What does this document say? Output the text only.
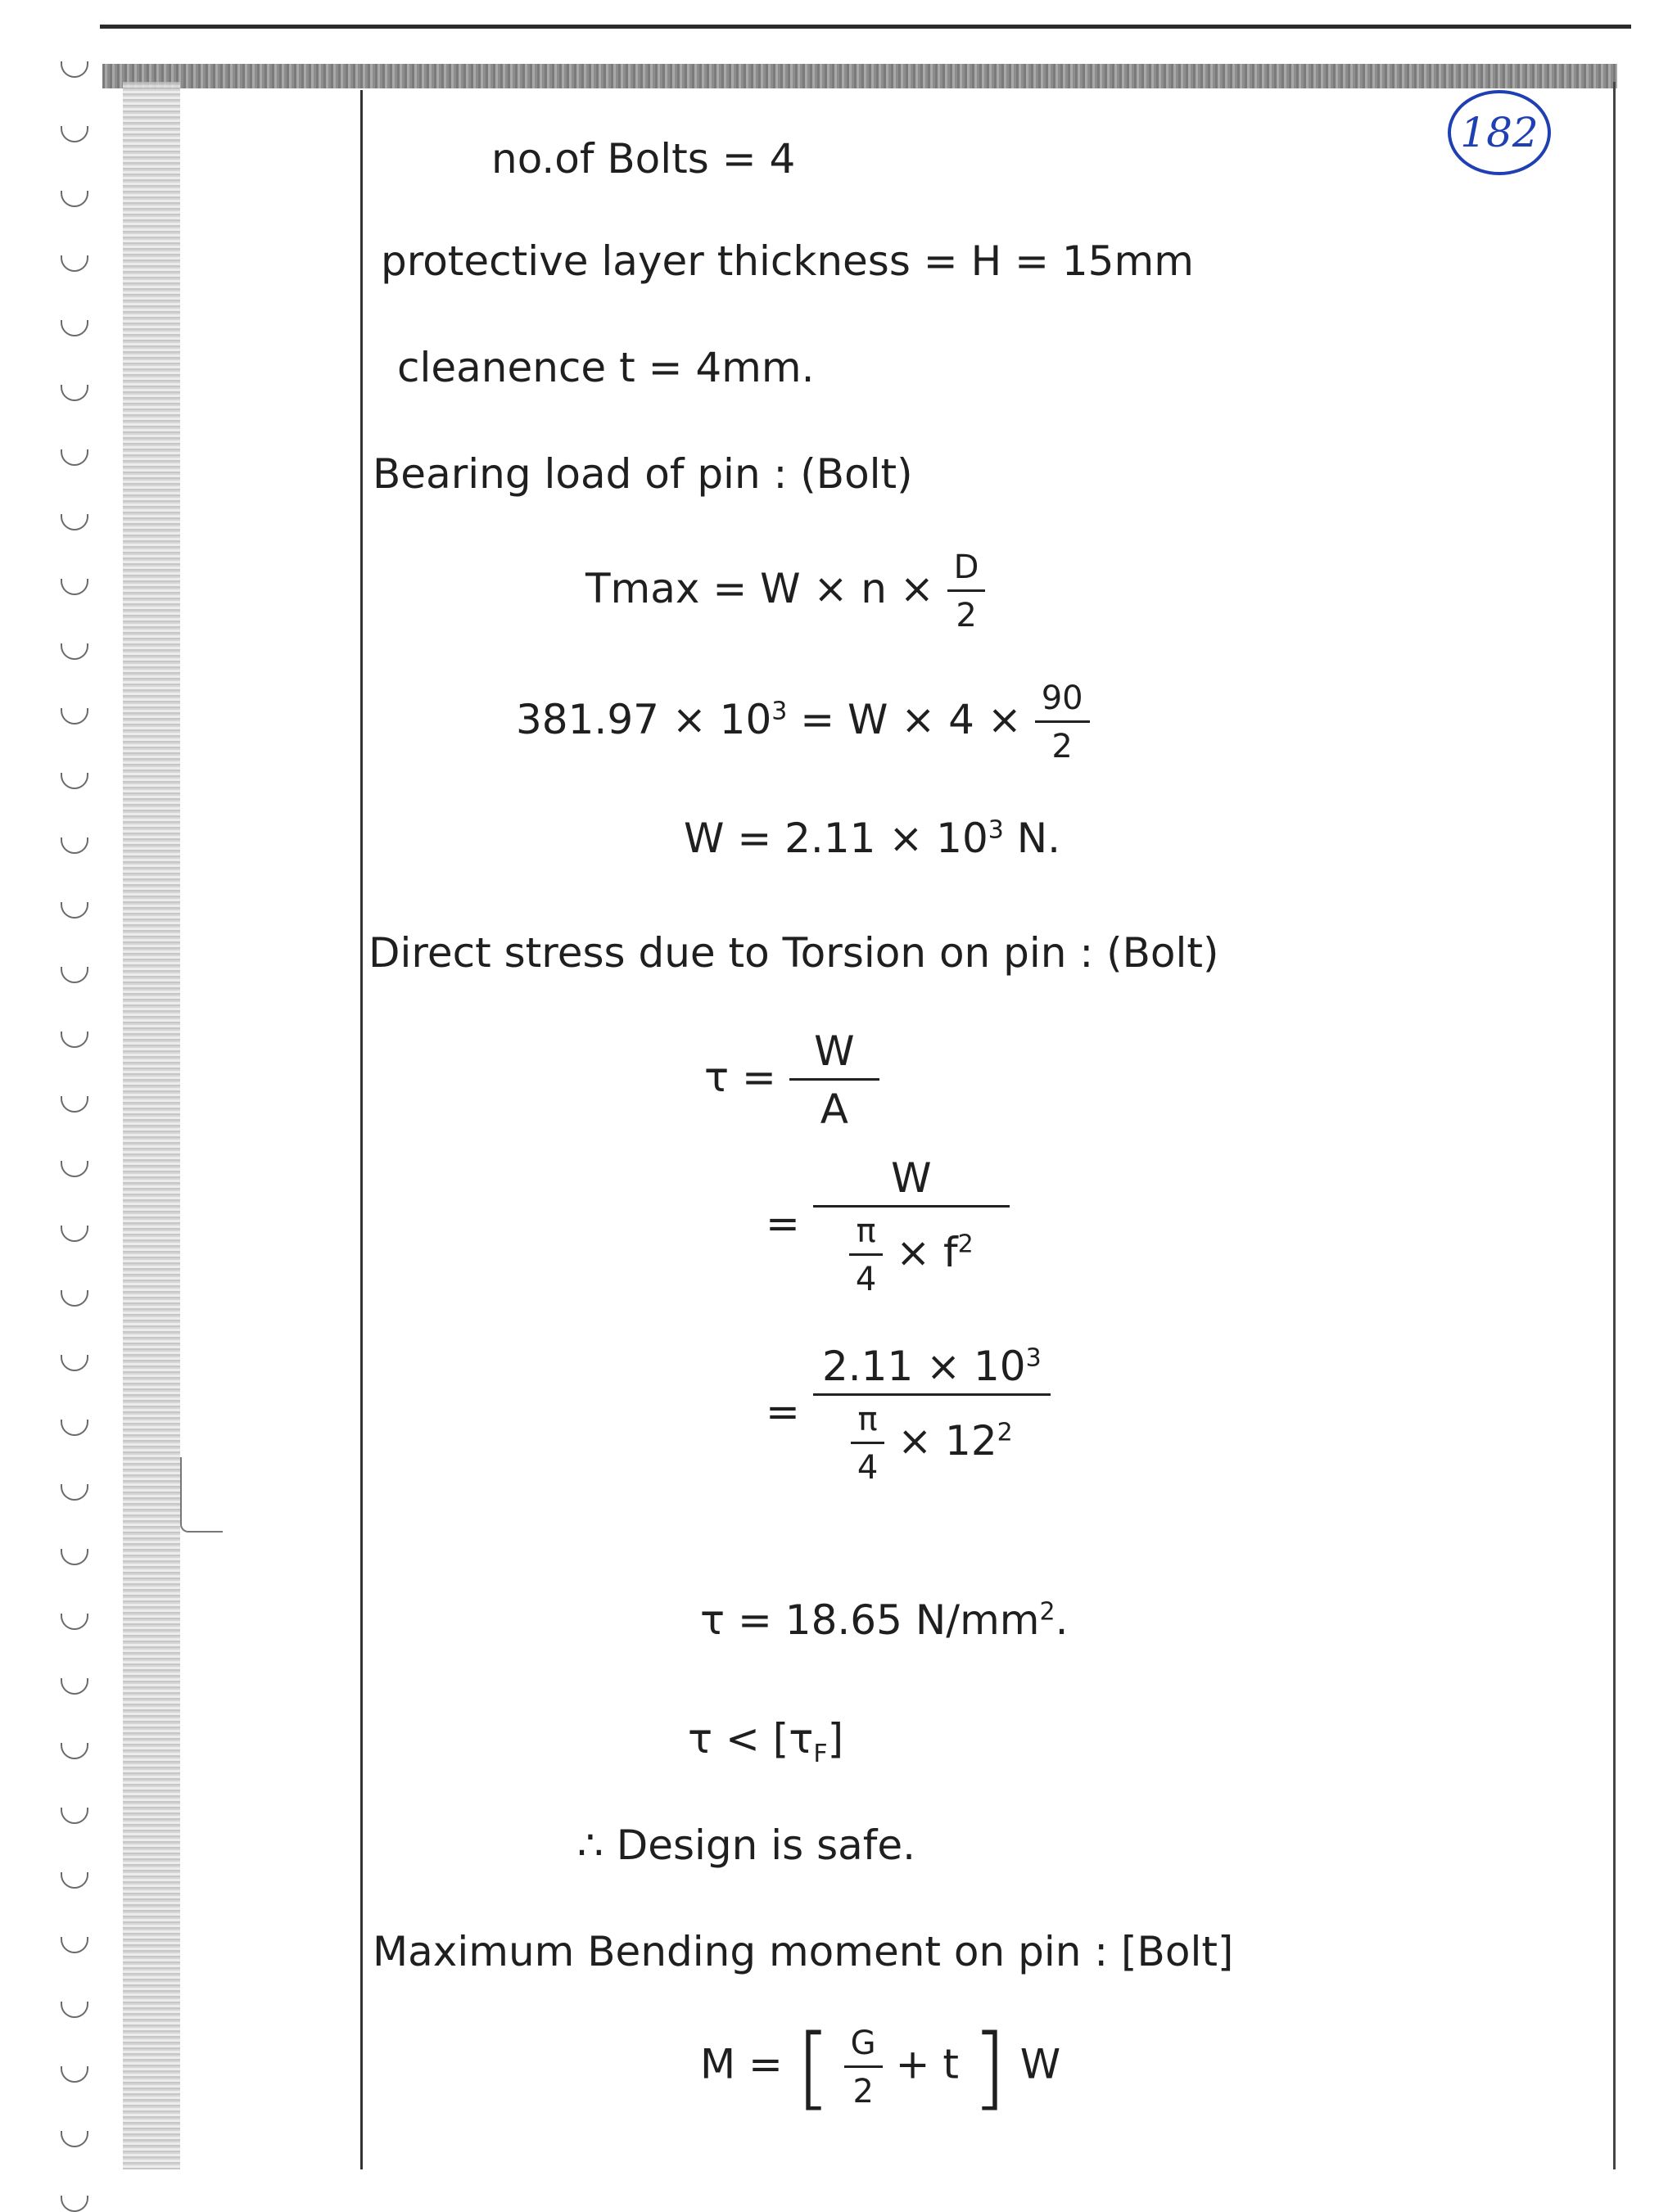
182
no.of Bolts = 4
protective layer thickness = H = 15mm
cleanence t = 4mm.
Bearing load of pin : (Bolt)
$Tmax = W \times n \times \frac{D}{2}$
$381.97 \times 10^3 = W \times 4 \times \frac{90}{2}$
$W = 2.11 \times 10^3$ N.
Direct stress due to Torsion on pin : (Bolt)
$\tau = \frac{W}{A}$
= $\frac{W}{\frac{\pi}{4} \times f^2}$
= $\frac{2.11 \times 10^3}{\frac{\pi}{4} \times 12^2}$
τ = 18.65 $N/mm^2$.
$\tau < [\tau_F]$
∴ Design is safe.
Maximum Bending moment on pin : [Bolt]
M = [ $\frac{G}{2} + t$ ] W
